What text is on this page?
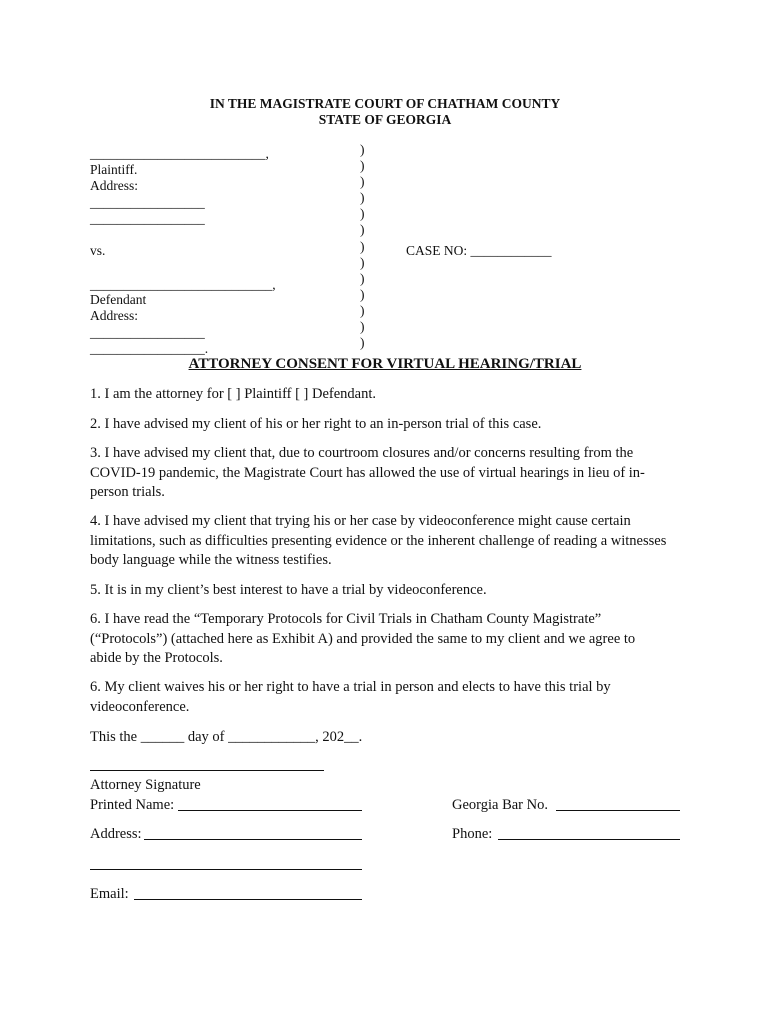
IN THE MAGISTRATE COURT OF CHATHAM COUNTY
STATE OF GEORGIA
__________________________,
Plaintiff.
Address:
_________________
_________________
vs.
___________________________,
Defendant
Address:
_________________
_________________.
)
)
)
)
)
)
)
)
)
)
)
)
)
CASE NO: ____________
ATTORNEY CONSENT FOR VIRTUAL HEARING/TRIAL
1. I am the attorney for [ ] Plaintiff [ ] Defendant.
2. I have advised my client of his or her right to an in-person trial of this case.
3. I have advised my client that, due to courtroom closures and/or concerns resulting from the COVID-19 pandemic, the Magistrate Court has allowed the use of virtual hearings in lieu of in-person trials.
4. I have advised my client that trying his or her case by videoconference might cause certain limitations, such as difficulties presenting evidence or the inherent challenge of reading a witnesses body language while the witness testifies.
5. It is in my client’s best interest to have a trial by videoconference.
6. I have read the “Temporary Protocols for Civil Trials in Chatham County Magistrate” (“Protocols”) (attached here as Exhibit A) and provided the same to my client and we agree to abide by the Protocols.
6. My client waives his or her right to have a trial in person and elects to have this trial by videoconference.
This the ______ day of ____________, 202__.
Attorney Signature
Printed Name:	Georgia Bar No.
Address:	Phone:
Email:
